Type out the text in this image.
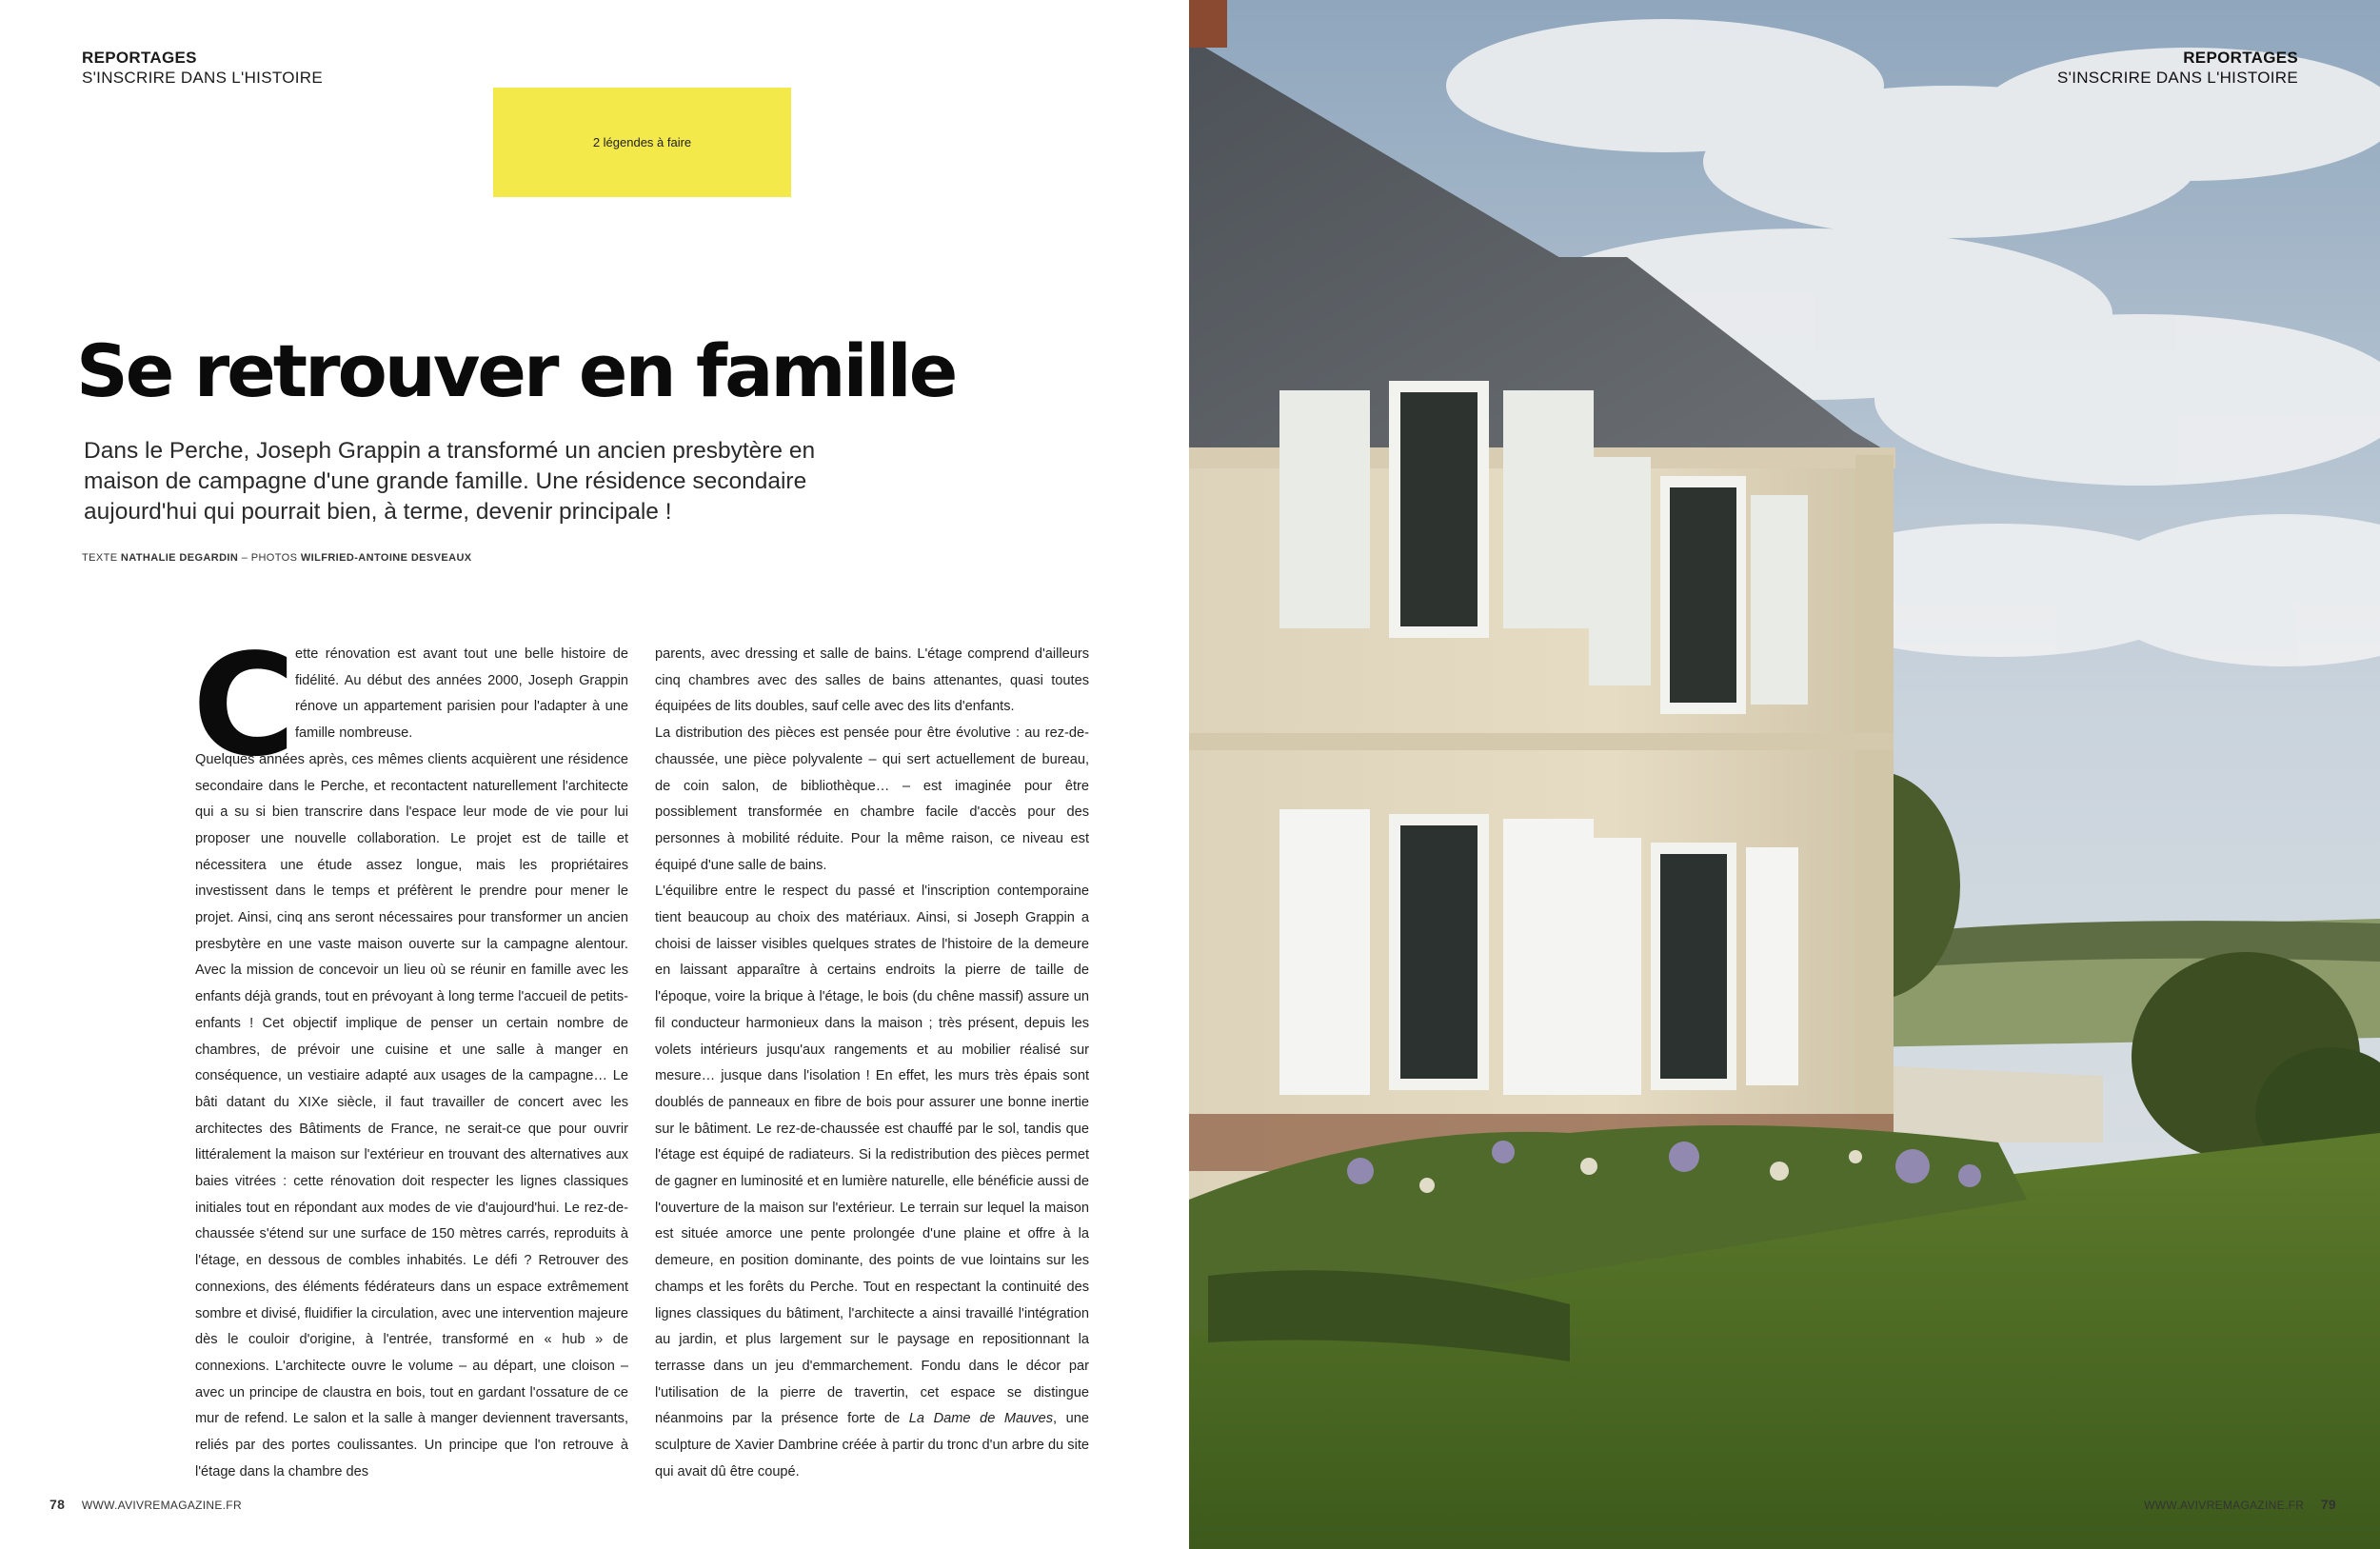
REPORTAGES
S'INSCRIRE DANS L'HISTOIRE
2 légendes à faire
Se retrouver en famille

Dans le Perche, Joseph Grappin a transformé un ancien presbytère en maison de campagne d'une grande famille. Une résidence secondaire aujourd'hui qui pourrait bien, à terme, devenir principale !

TEXTE NATHALIE DEGARDIN – PHOTOS WILFRIED-ANTOINE DESVEAUX
C ette rénovation est avant tout une belle histoire de fidélité. Au début des années 2000, Joseph Grappin rénove un appartement parisien pour l'adapter à une famille nombreuse.
Quelques années après, ces mêmes clients acquièrent une résidence secondaire dans le Perche, et recontactent naturellement l'architecte qui a su si bien transcrire dans l'espace leur mode de vie pour lui proposer une nouvelle collaboration. Le projet est de taille et nécessitera une étude assez longue, mais les propriétaires investissent dans le temps et préfèrent le prendre pour mener le projet. Ainsi, cinq ans seront nécessaires pour transformer un ancien presbytère en une vaste maison ouverte sur la campagne alentour. Avec la mission de concevoir un lieu où se réunir en famille avec les enfants déjà grands, tout en prévoyant à long terme l'accueil de petits-enfants ! Cet objectif implique de penser un certain nombre de chambres, de prévoir une cuisine et une salle à manger en conséquence, un vestiaire adapté aux usages de la campagne… Le bâti datant du XIXe siècle, il faut travailler de concert avec les architectes des Bâtiments de France, ne serait-ce que pour ouvrir littéralement la maison sur l'extérieur en trouvant des alternatives aux baies vitrées : cette rénovation doit respecter les lignes classiques initiales tout en répondant aux modes de vie d'aujourd'hui. Le rez-de-chaussée s'étend sur une surface de 150 mètres carrés, reproduits à l'étage, en dessous de combles inhabités. Le défi ? Retrouver des connexions, des éléments fédérateurs dans un espace extrêmement sombre et divisé, fluidifier la circulation, avec une intervention majeure dès le couloir d'origine, à l'entrée, transformé en « hub » de connexions. L'architecte ouvre le volume – au départ, une cloison – avec un principe de claustra en bois, tout en gardant l'ossature de ce mur de refend. Le salon et la salle à manger deviennent traversants, reliés par des portes coulissantes. Un principe que l'on retrouve à l'étage dans la chambre des

parents, avec dressing et salle de bains. L'étage comprend d'ailleurs cinq chambres avec des salles de bains attenantes, quasi toutes équipées de lits doubles, sauf celle avec des lits d'enfants.

La distribution des pièces est pensée pour être évolutive : au rez-de-chaussée, une pièce polyvalente – qui sert actuellement de bureau, de coin salon, de bibliothèque… – est imaginée pour être possiblement transformée en chambre facile d'accès pour des personnes à mobilité réduite. Pour la même raison, ce niveau est équipé d'une salle de bains.

L'équilibre entre le respect du passé et l'inscription contemporaine tient beaucoup au choix des matériaux. Ainsi, si Joseph Grappin a choisi de laisser visibles quelques strates de l'histoire de la demeure en laissant apparaître à certains endroits la pierre de taille de l'époque, voire la brique à l'étage, le bois (du chêne massif) assure un fil conducteur harmonieux dans la maison ; très présent, depuis les volets intérieurs jusqu'aux rangements et au mobilier réalisé sur mesure… jusque dans l'isolation ! En effet, les murs très épais sont doublés de panneaux en fibre de bois pour assurer une bonne inertie sur le bâtiment. Le rez-de-chaussée est chauffé par le sol, tandis que l'étage est équipé de radiateurs. Si la redistribution des pièces permet de gagner en luminosité et en lumière naturelle, elle bénéficie aussi de l'ouverture de la maison sur l'extérieur. Le terrain sur lequel la maison est située amorce une pente prolongée d'une plaine et offre à la demeure, en position dominante, des points de vue lointains sur les champs et les forêts du Perche. Tout en respectant la continuité des lignes classiques du bâtiment, l'architecte a ainsi travaillé l'intégration au jardin, et plus largement sur le paysage en repositionnant la terrasse dans un jeu d'emmarchement. Fondu dans le décor par l'utilisation de la pierre de travertin, cet espace se distingue néanmoins par la présence forte de La Dame de Mauves, une sculpture de Xavier Dambrine créée à partir du tronc d'un arbre du site qui avait dû être coupé.

78 WWW.AVIVREMAGAZINE.FR
REPORTAGES
S'INSCRIRE DANS L'HISTOIRE
WWW.AVIVREMAGAZINE.FR 79
